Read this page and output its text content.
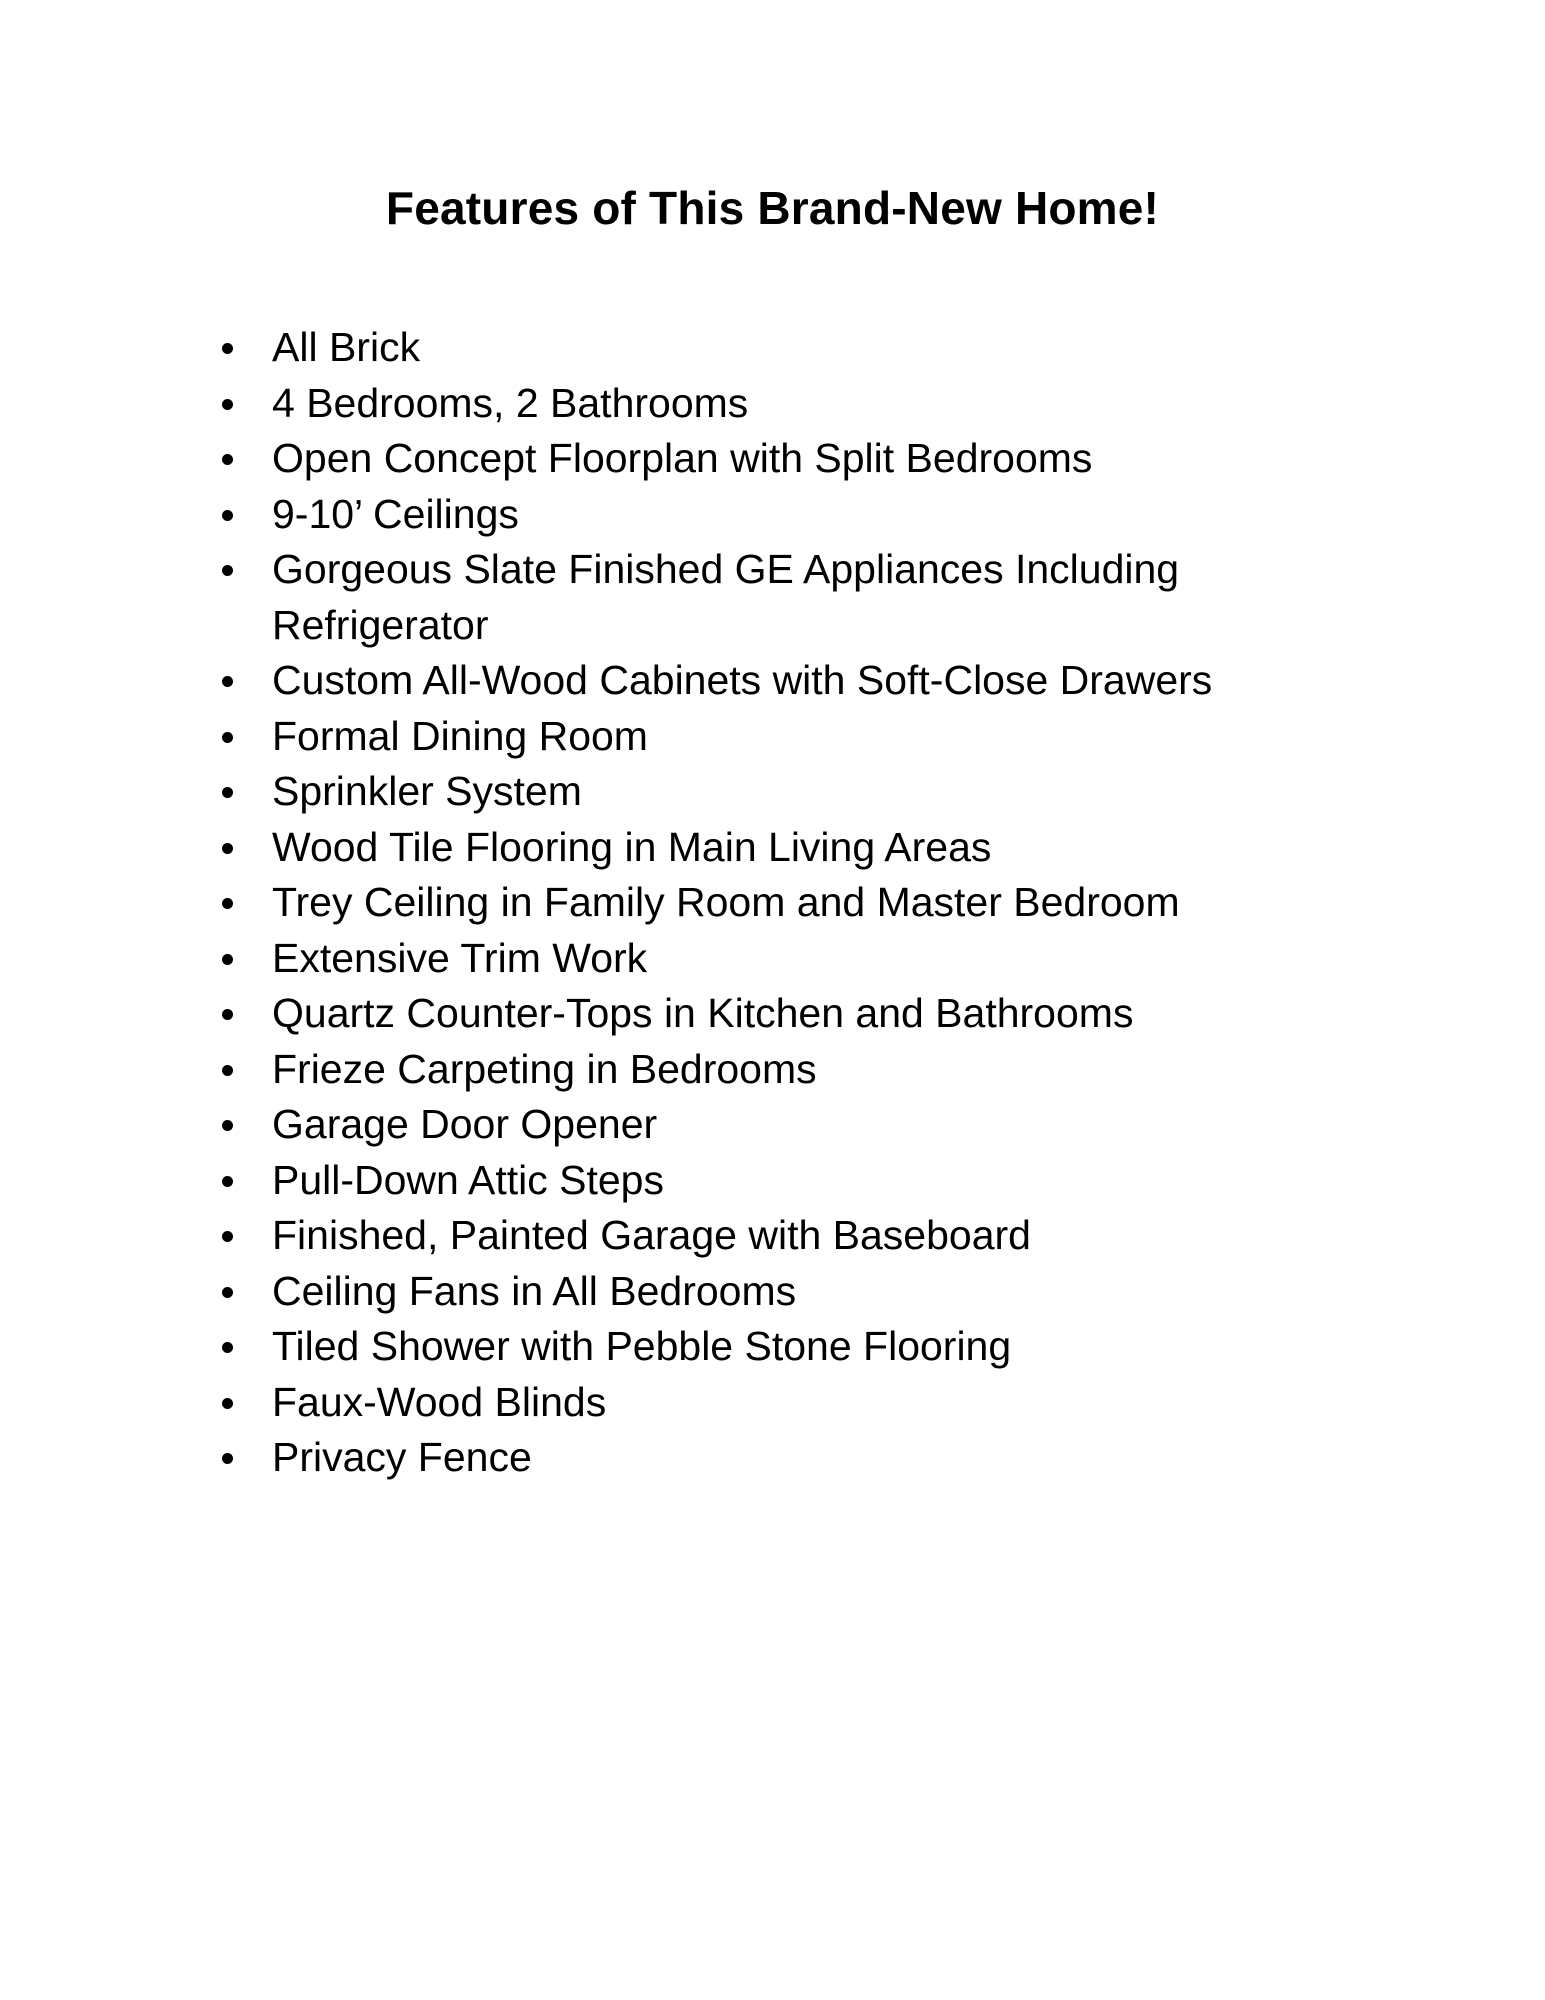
Features of This Brand-New Home!
All Brick
4 Bedrooms, 2 Bathrooms
Open Concept Floorplan with Split Bedrooms
9-10’ Ceilings
Gorgeous Slate Finished GE Appliances Including Refrigerator
Custom All-Wood Cabinets with Soft-Close Drawers
Formal Dining Room
Sprinkler System
Wood Tile Flooring in Main Living Areas
Trey Ceiling in Family Room and Master Bedroom
Extensive Trim Work
Quartz Counter-Tops in Kitchen and Bathrooms
Frieze Carpeting in Bedrooms
Garage Door Opener
Pull-Down Attic Steps
Finished, Painted Garage with Baseboard
Ceiling Fans in All Bedrooms
Tiled Shower with Pebble Stone Flooring
Faux-Wood Blinds
Privacy Fence
